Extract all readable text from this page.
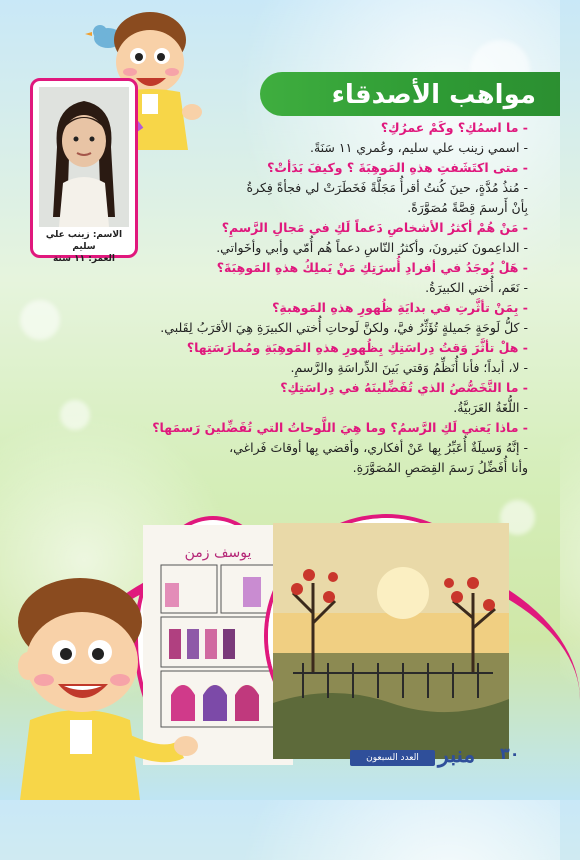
مواهب الأصدقاء
الاسم: زينب علي سليم
العمر: ١١ سنة
- ما اسمُكِ؟ وكَمْ عمرُكِ؟
- اسمي زينب علي سليم، وعُمري ١١ سَنَةً.
- متى اكتَشَفتِ هذهِ المَوهِبَةَ ؟ وكيفَ بَدَأتْ؟
- مُنذُ مُدَّةٍ، حينَ كُنتُ أقرأُ مَجَلَّةً فَخَطَرَتْ لي فجأةً فِكرةُ
بِأنْ أَرسمَ قِصَّةً مُصَوَّرَةً.
- مَنْ هُمْ أكثرُ الأشخاصِ دَعماً لَكِ في مَجالِ الرَّسمِ؟
- الداعِمونَ كثيرونَ، وأكثرُ النّاسِ دعماً هُم أُمّي وأبي وأخَواتي.
- هَلْ يُوجَدُ في أفرادِ أُسرَتِكِ مَنْ يَملِكُ هذهِ المَوهِبَةَ؟
- نَعَم، أُختي الكبيرَةُ.
- بِمَنْ تأثَّرتِ في بدايَةِ ظُهورِ هذهِ المَوهبةِ؟
- كلُّ لَوحَةٍ جَميلةٍ تُؤَثِّرُ فيَّ، ولكنَّ لَوحاتِ أُختي الكبيرَةِ هِيَ الأقرَبُ لِقَلبي.
- هلْ تأثَّرَ وَقتُ دِراسَتِكِ بِظُهورِ هذهِ المَوهِبَةِ ومُمارَسَتِها؟
- لا، أبداً؛ فأنا أُنَظِّمُ وَقتي بَينَ الدِّراسَةِ والرَّسمِ.
- ما التَّخَصُّصُ الذي تُفَضِّلينَهُ في دِراسَتِكِ؟
- اللُّغَةُ العَرَبيَّةُ.
- ماذا يَعني لَكِ الرَّسمُ؟ وما هِيَ اللَّوحاتُ التي تُفَضِّلينَ رَسمَها؟
- إنَّهُ وَسيلَةٌ أُعَبِّرُ بِها عَنْ أفكاري، وأقضي بِها أوقاتَ فَراغي،
وأنا أُفَضِّلُ رَسمَ القِصَصِ المُصَوَّرَةِ.
يوسف زمن
العدد السبعون منبر ٣٠
